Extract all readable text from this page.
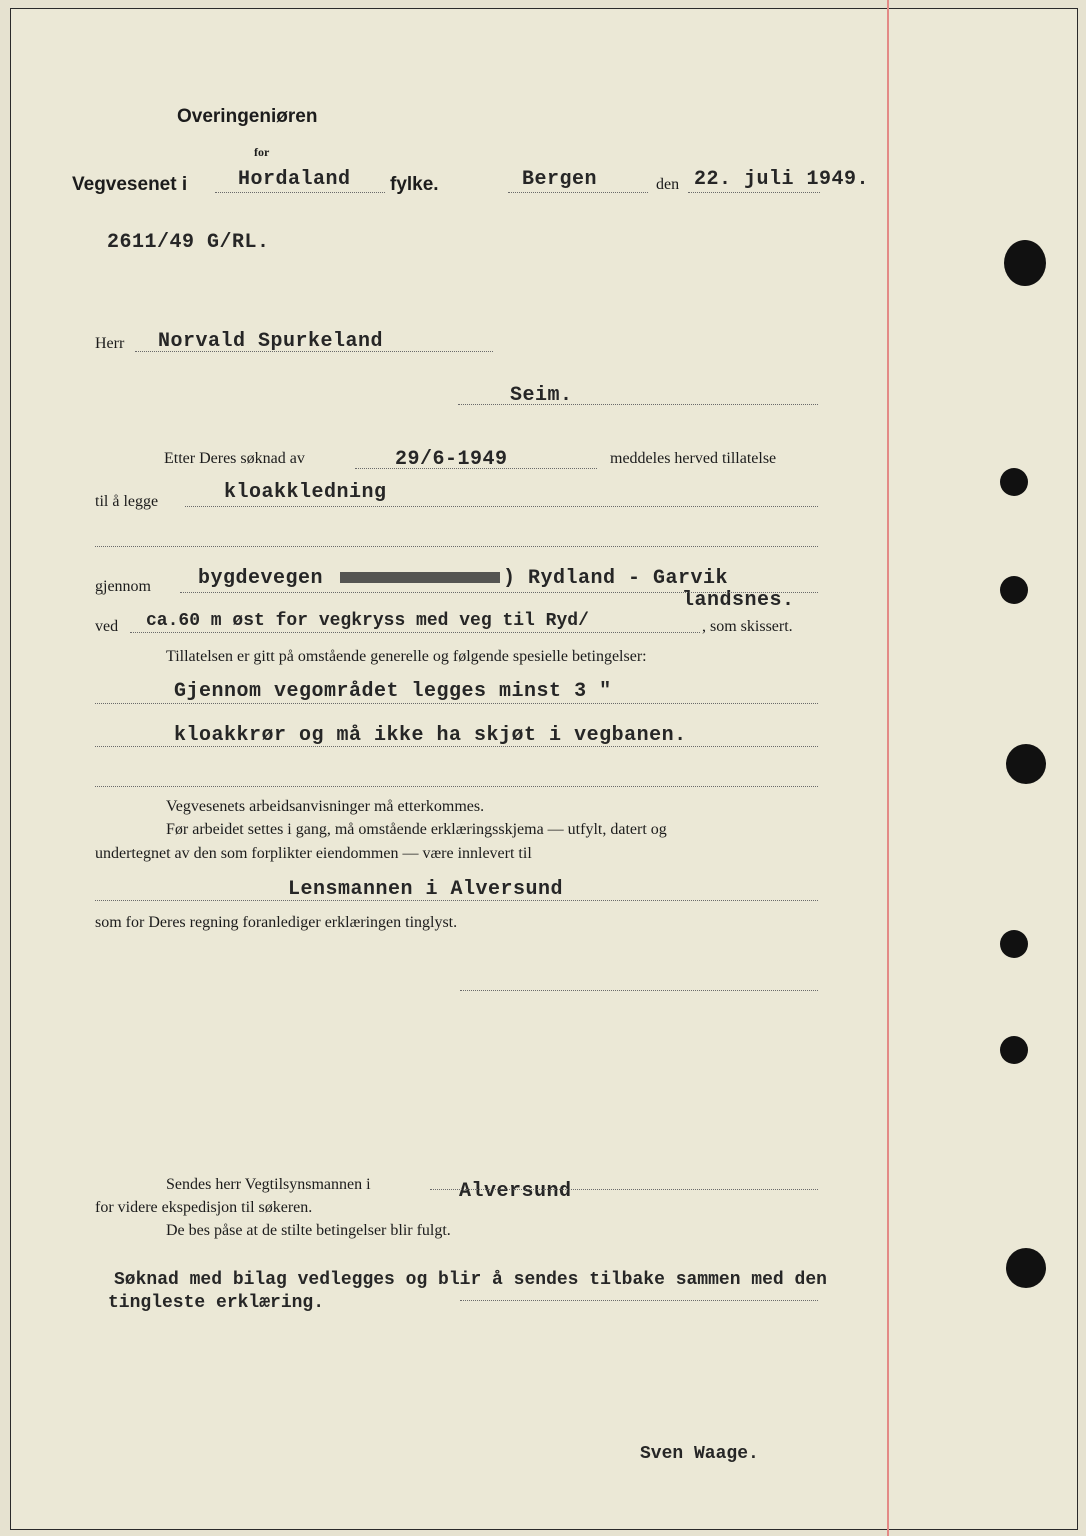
Overingeniøren
for
Vegvesenet i	Hordaland fylke.	Bergen	den 22. juli 1949.
2611/49 G/RL.
Herr Norvald Spurkeland
Seim.
Etter Deres søknad av	29/6-1949	meddeles herved tillatelse
til å legge	kloakkledning
gjennom bygdevegen	) Rydland - Garvik
landsnes.
ved ca.60 m øst for vegkryss med veg til Ryd/	, som skissert.
Tillatelsen er gitt på omstående generelle og følgende spesielle betingelser:
Gjennom vegområdet legges minst 3 "
kloakkrør og må ikke ha skjøt i vegbanen.
Vegvesenets arbeidsanvisninger må etterkommes.
Før arbeidet settes i gang, må omstående erklæringsskjema — utfylt, datert og
undertegnet av den som forplikter eiendommen — være innlevert til
Lensmannen i Alversund
som for Deres regning foranlediger erklæringen tinglyst.
Sendes herr Vegtilsynsmannen i	Alversund
for videre ekspedisjon til søkeren.
De bes påse at de stilte betingelser blir fulgt.
Søknad med bilag vedlegges og blir å sendes tilbake sammen med den
tingleste erklæring.
Sven Waage.
